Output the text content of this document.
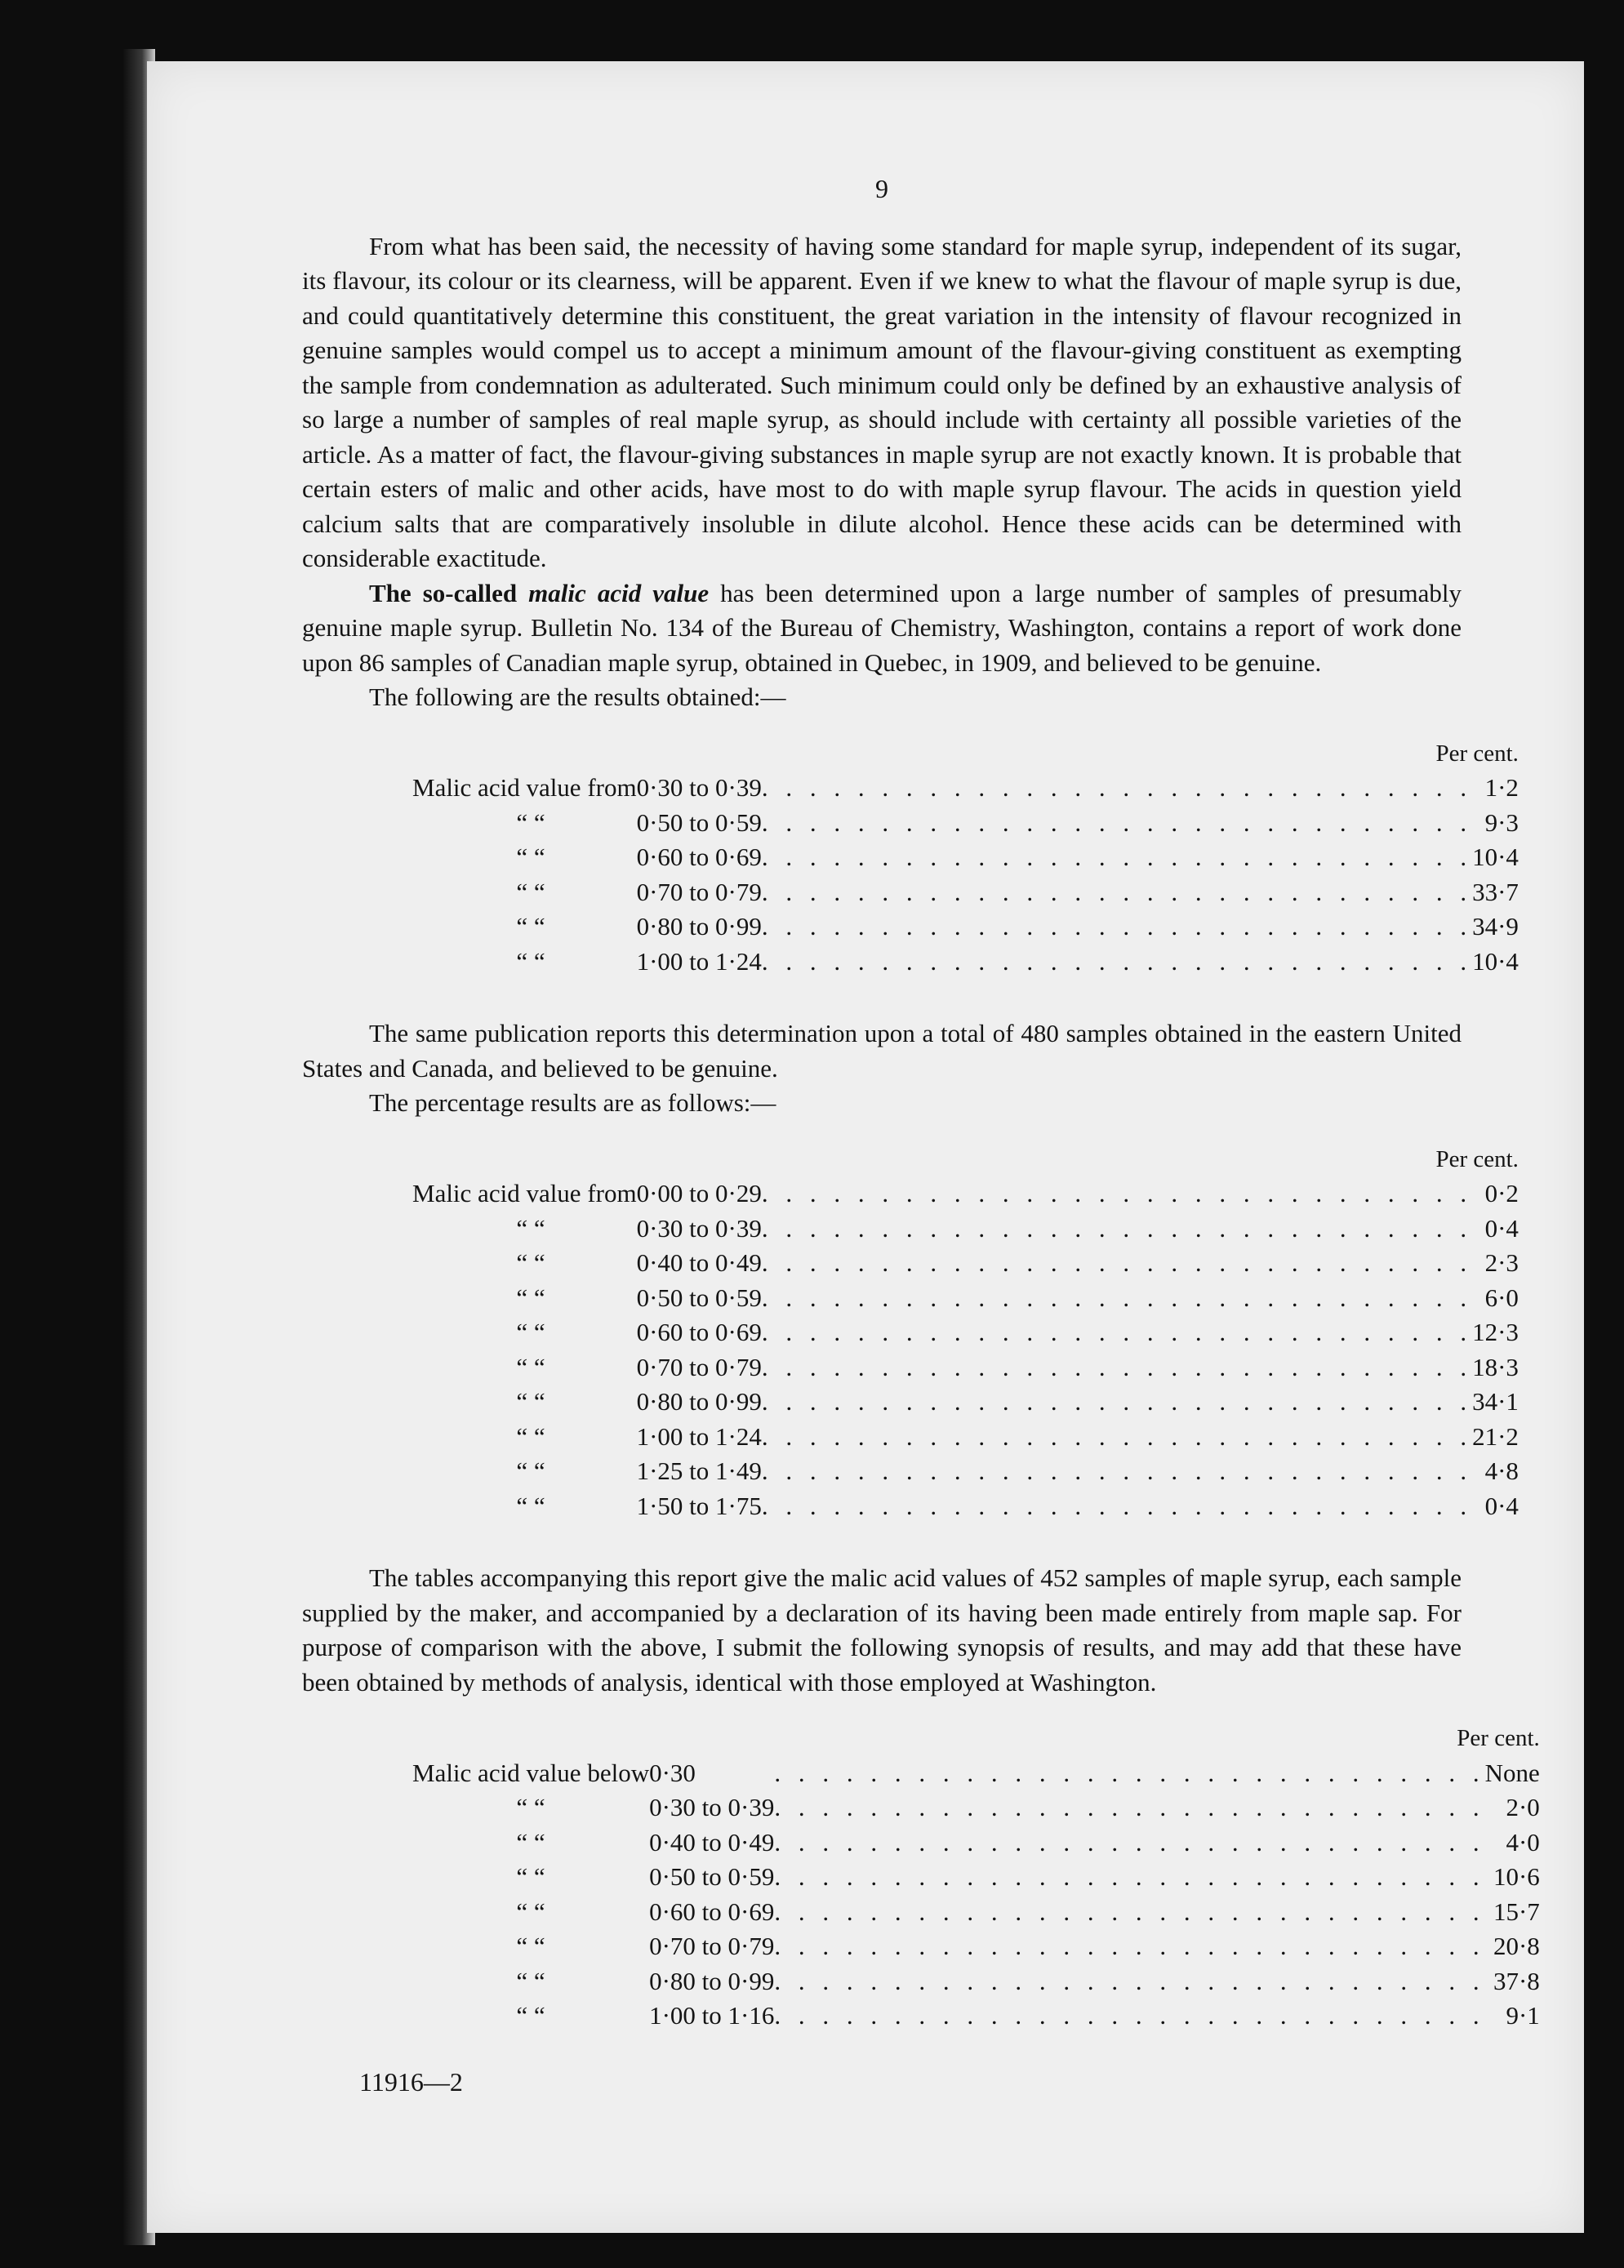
9

From what has been said, the necessity of having some standard for maple syrup, independent of its sugar, its flavour, its colour or its clearness, will be apparent. Even if we knew to what the flavour of maple syrup is due, and could quantitatively determine this constituent, the great variation in the intensity of flavour recognized in genuine samples would compel us to accept a minimum amount of the flavour-giving constituent as exempting the sample from condemnation as adulterated. Such minimum could only be defined by an exhaustive analysis of so large a number of samples of real maple syrup, as should include with certainty all possible varieties of the article. As a matter of fact, the flavour-giving substances in maple syrup are not exactly known. It is probable that certain esters of malic and other acids, have most to do with maple syrup flavour. The acids in question yield calcium salts that are comparatively insoluble in dilute alcohol. Hence these acids can be determined with considerable exactitude.

The so-called malic acid value has been determined upon a large number of samples of presumably genuine maple syrup. Bulletin No. 134 of the Bureau of Chemistry, Washington, contains a report of work done upon 86 samples of Canadian maple syrup, obtained in Quebec, in 1909, and believed to be genuine.

The following are the results obtained:—

Per cent.			
Malic acid value from	0·30 to 0·39	. . . . . . . . . . . . . . . . . . . . . . . . . . . . . .	1·2
“ “	0·50 to 0·59	. . . . . . . . . . . . . . . . . . . . . . . . . . . . . .	9·3
“ “	0·60 to 0·69	. . . . . . . . . . . . . . . . . . . . . . . . . . . . . .	10·4
“ “	0·70 to 0·79	. . . . . . . . . . . . . . . . . . . . . . . . . . . . . .	33·7
“ “	0·80 to 0·99	. . . . . . . . . . . . . . . . . . . . . . . . . . . . . .	34·9
“ “	1·00 to 1·24	. . . . . . . . . . . . . . . . . . . . . . . . . . . . . .	10·4

The same publication reports this determination upon a total of 480 samples obtained in the eastern United States and Canada, and believed to be genuine.

The percentage results are as follows:—

Per cent.			
Malic acid value from	0·00 to 0·29	. . . . . . . . . . . . . . . . . . . . . . . . . . . . . .	0·2
“ “	0·30 to 0·39	. . . . . . . . . . . . . . . . . . . . . . . . . . . . . .	0·4
“ “	0·40 to 0·49	. . . . . . . . . . . . . . . . . . . . . . . . . . . . . .	2·3
“ “	0·50 to 0·59	. . . . . . . . . . . . . . . . . . . . . . . . . . . . . .	6·0
“ “	0·60 to 0·69	. . . . . . . . . . . . . . . . . . . . . . . . . . . . . .	12·3
“ “	0·70 to 0·79	. . . . . . . . . . . . . . . . . . . . . . . . . . . . . .	18·3
“ “	0·80 to 0·99	. . . . . . . . . . . . . . . . . . . . . . . . . . . . . .	34·1
“ “	1·00 to 1·24	. . . . . . . . . . . . . . . . . . . . . . . . . . . . . .	21·2
“ “	1·25 to 1·49	. . . . . . . . . . . . . . . . . . . . . . . . . . . . . .	4·8
“ “	1·50 to 1·75	. . . . . . . . . . . . . . . . . . . . . . . . . . . . . .	0·4

The tables accompanying this report give the malic acid values of 452 samples of maple syrup, each sample supplied by the maker, and accompanied by a declaration of its having been made entirely from maple sap. For purpose of comparison with the above, I submit the following synopsis of results, and may add that these have been obtained by methods of analysis, identical with those employed at Washington.

Per cent.			
Malic acid value below	0·30	. . . . . . . . . . . . . . . . . . . . . . . . . . . . . .	None
“ “	0·30 to 0·39	. . . . . . . . . . . . . . . . . . . . . . . . . . . . . .	2·0
“ “	0·40 to 0·49	. . . . . . . . . . . . . . . . . . . . . . . . . . . . . .	4·0
“ “	0·50 to 0·59	. . . . . . . . . . . . . . . . . . . . . . . . . . . . . .	10·6
“ “	0·60 to 0·69	. . . . . . . . . . . . . . . . . . . . . . . . . . . . . .	15·7
“ “	0·70 to 0·79	. . . . . . . . . . . . . . . . . . . . . . . . . . . . . .	20·8
“ “	0·80 to 0·99	. . . . . . . . . . . . . . . . . . . . . . . . . . . . . .	37·8
“ “	1·00 to 1·16	. . . . . . . . . . . . . . . . . . . . . . . . . . . . . .	9·1
11916—2
